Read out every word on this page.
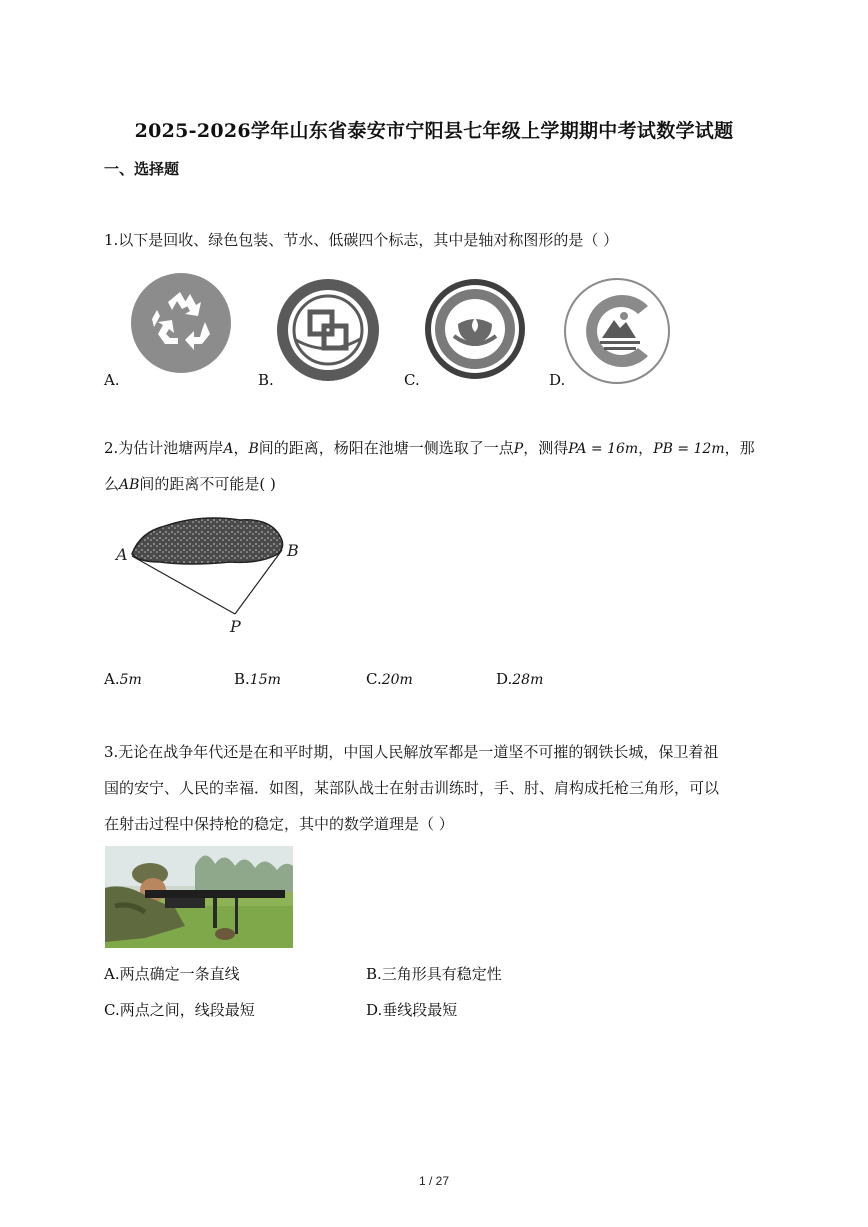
2025-2026学年山东省泰安市宁阳县七年级上学期期中考试数学试题
一、选择题
1.以下是回收、绿色包装、节水、低碳四个标志，其中是轴对称图形的是（ ）
A.	B.	C.	D.
2.为估计池塘两岸A，B间的距离，杨阳在池塘一侧选取了一点P，测得PA = 16m，PB = 12m，那
么AB间的距离不可能是( )
A	B
P
A.5m	B.15m	C.20m	D.28m
3.无论在战争年代还是在和平时期，中国人民解放军都是一道坚不可摧的钢铁长城，保卫着祖
国的安宁、人民的幸福．如图，某部队战士在射击训练时，手、肘、肩构成托枪三角形，可以
在射击过程中保持枪的稳定，其中的数学道理是（ ）
A.两点确定一条直线	B.三角形具有稳定性
C.两点之间，线段最短	D.垂线段最短
1 / 27
